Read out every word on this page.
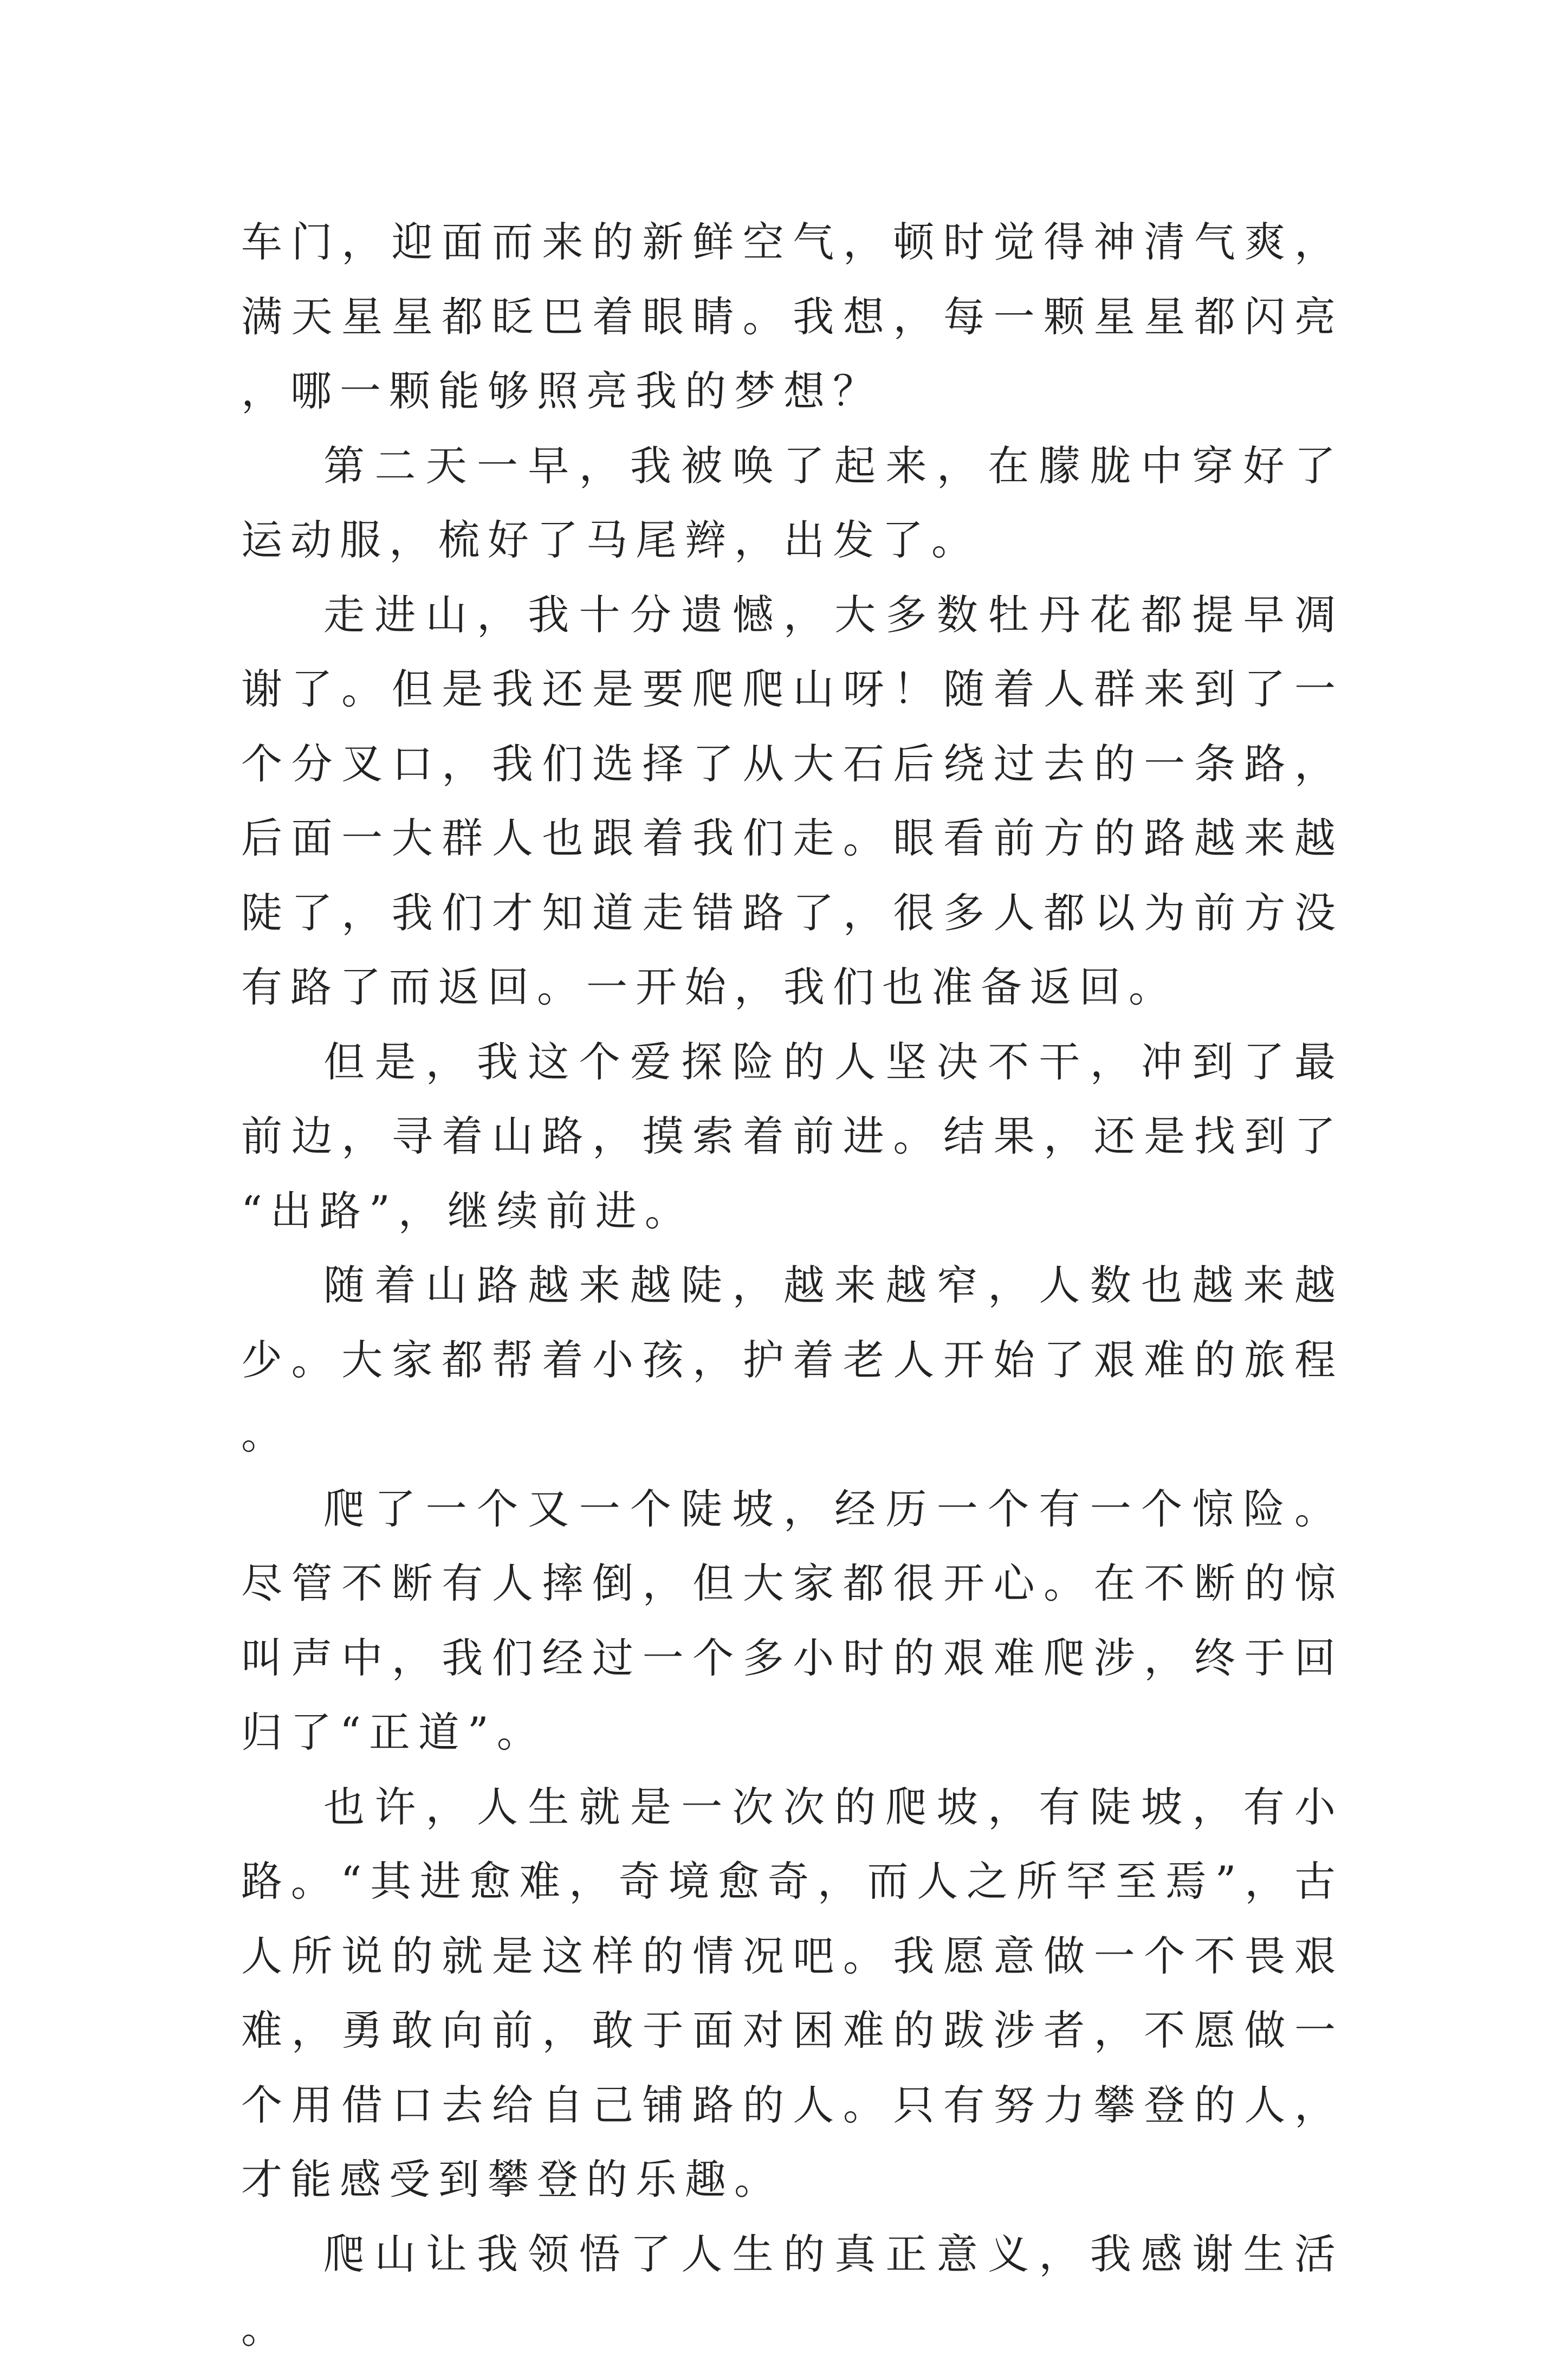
车门，迎面而来的新鲜空气，顿时觉得神清气爽，满天星星都眨巴着眼睛。我想，每一颗星星都闪亮，哪一颗能够照亮我的梦想？

第二天一早，我被唤了起来，在朦胧中穿好了运动服，梳好了马尾辫，出发了。

走进山，我十分遗憾，大多数牡丹花都提早凋谢了。但是我还是要爬爬山呀！随着人群来到了一个分叉口，我们选择了从大石后绕过去的一条路，后面一大群人也跟着我们走。眼看前方的路越来越陡了，我们才知道走错路了，很多人都以为前方没有路了而返回。一开始，我们也准备返回。

但是，我这个爱探险的人坚决不干，冲到了最前边，寻着山路，摸索着前进。结果，还是找到了“出路”，继续前进。

随着山路越来越陡，越来越窄，人数也越来越少。大家都帮着小孩，护着老人开始了艰难的旅程。

爬了一个又一个陡坡，经历一个有一个惊险。尽管不断有人摔倒，但大家都很开心。在不断的惊叫声中，我们经过一个多小时的艰难爬涉，终于回归了“正道”。

也许，人生就是一次次的爬坡，有陡坡，有小路。“其进愈难，奇境愈奇，而人之所罕至焉”，古人所说的就是这样的情况吧。我愿意做一个不畏艰难，勇敢向前，敢于面对困难的跋涉者，不愿做一个用借口去给自己铺路的人。只有努力攀登的人，才能感受到攀登的乐趣。

爬山让我领悟了人生的真正意义，我感谢生活。
